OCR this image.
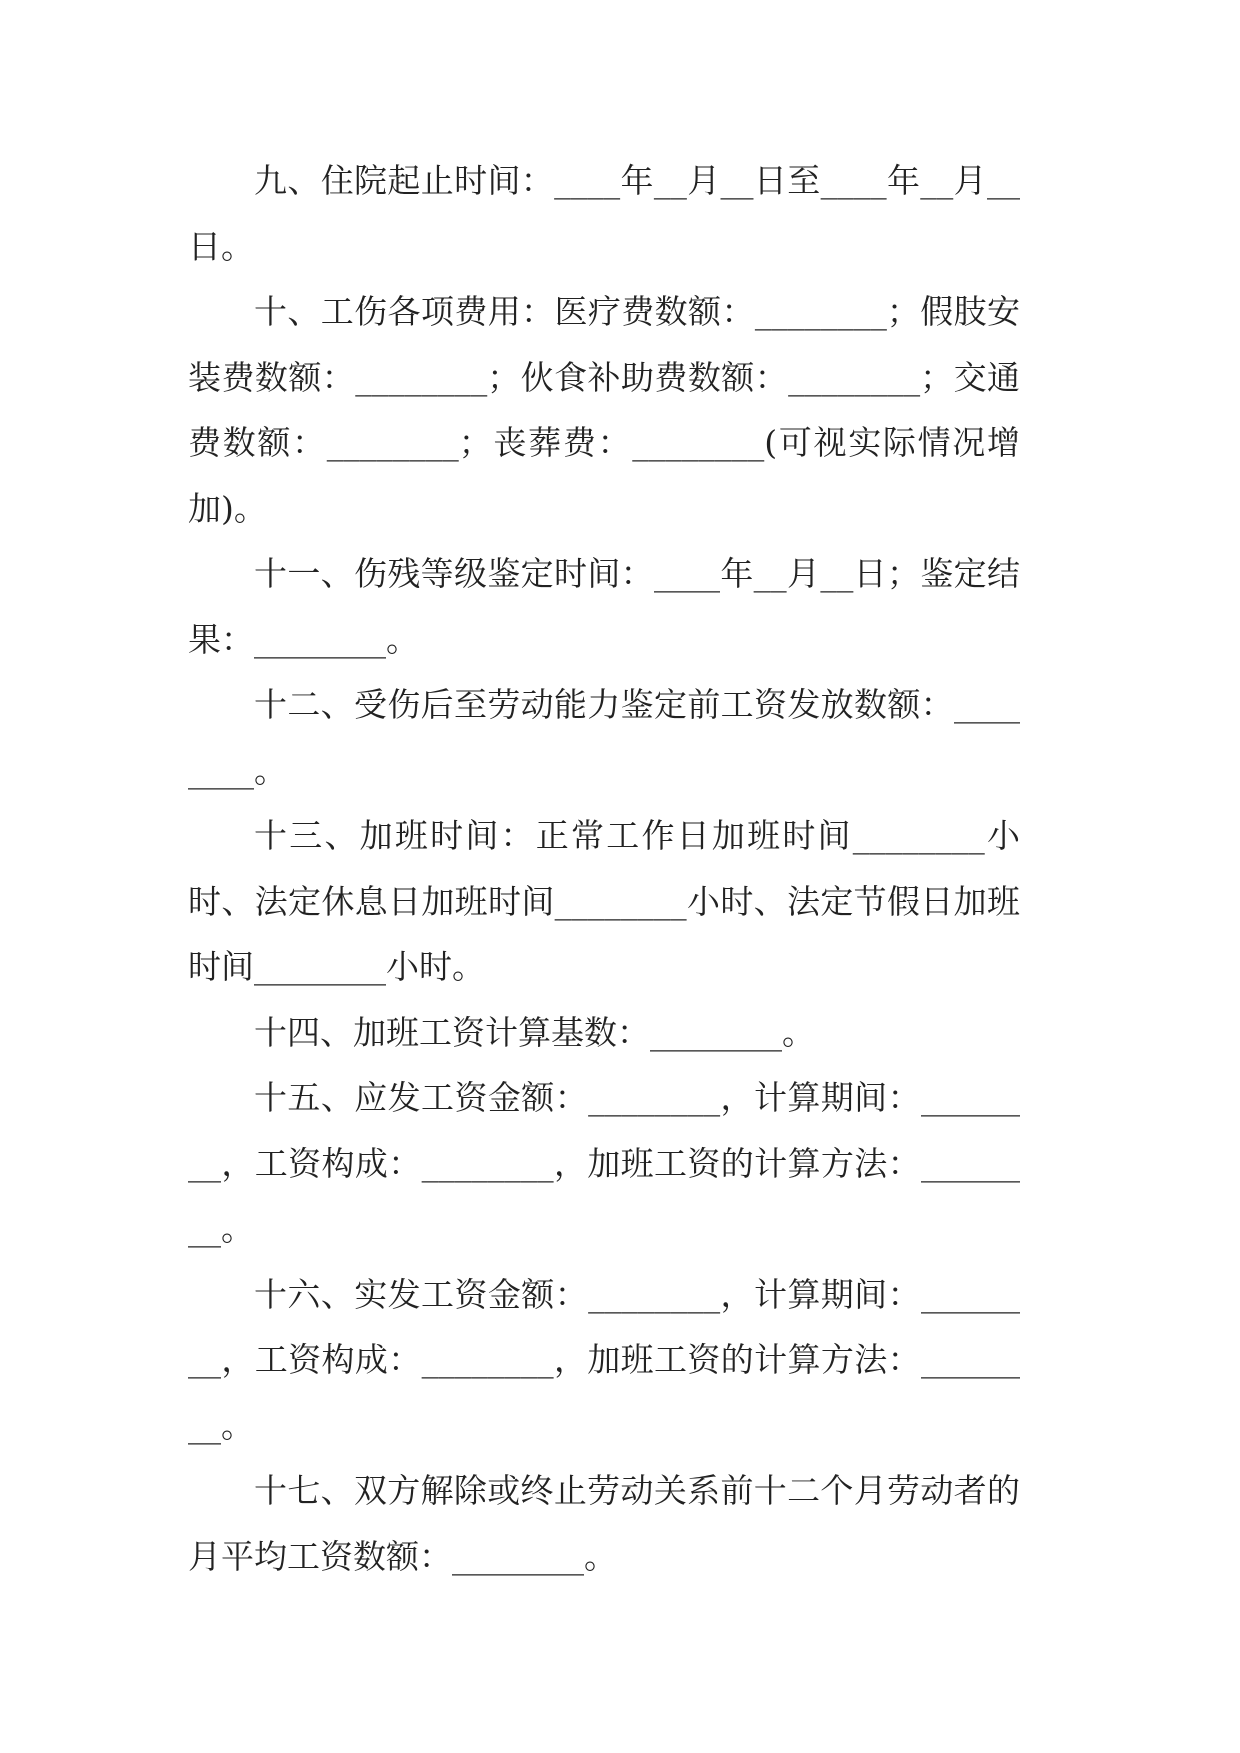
九、住院起止时间：____年__月__日至____年__月__日。

十、工伤各项费用：医疗费数额：________；假肢安装费数额：________；伙食补助费数额：________；交通费数额：________；丧葬费：________(可视实际情况增加)。

十一、伤残等级鉴定时间：____年__月__日；鉴定结果：________。

十二、受伤后至劳动能力鉴定前工资发放数额：________。

十三、加班时间：正常工作日加班时间________小时、法定休息日加班时间________小时、法定节假日加班时间________小时。

十四、加班工资计算基数：________。

十五、应发工资金额：________，计算期间：________，工资构成：________，加班工资的计算方法：________。

十六、实发工资金额：________，计算期间：________，工资构成：________，加班工资的计算方法：________。

十七、双方解除或终止劳动关系前十二个月劳动者的月平均工资数额：________。
